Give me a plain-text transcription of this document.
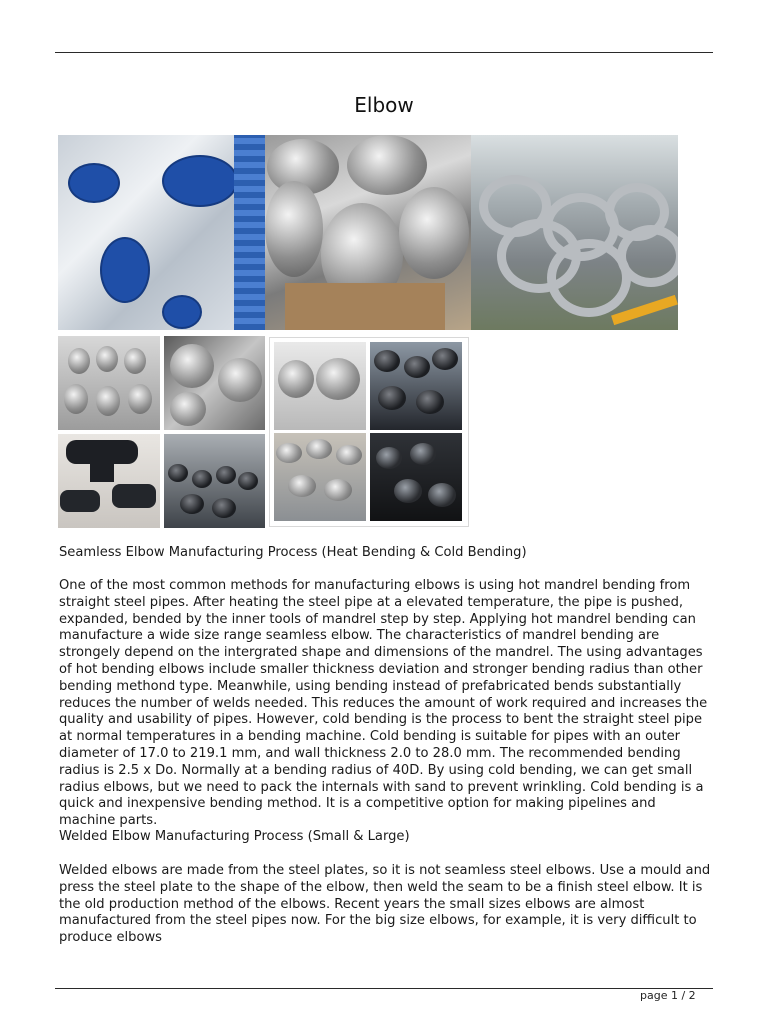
Elbow

Seamless Elbow Manufacturing Process (Heat Bending & Cold Bending)

One of the most common methods for manufacturing elbows is using hot mandrel bending from straight steel pipes. After heating the steel pipe at a elevated temperature, the pipe is pushed, expanded, bended by the inner tools of mandrel step by step. Applying hot mandrel bending can manufacture a wide size range seamless elbow. The characteristics of mandrel bending are strongely depend on the intergrated shape and dimensions of the mandrel. The using advantages of hot bending elbows include smaller thickness deviation and stronger bending radius than other bending methond type. Meanwhile, using bending instead of prefabricated bends substantially reduces the number of welds needed. This reduces the amount of work required and increases the quality and usability of pipes. However, cold bending is the process to bent the straight steel pipe at normal temperatures in a bending machine. Cold bending is suitable for pipes with an outer diameter of 17.0 to 219.1 mm, and wall thickness 2.0 to 28.0 mm. The recommended bending radius is 2.5 x Do. Normally at a bending radius of 40D. By using cold bending, we can get small radius elbows, but we need to pack the internals with sand to prevent wrinkling. Cold bending is a quick and inexpensive bending method. It is a competitive option for making pipelines and machine parts.

Welded Elbow Manufacturing Process (Small & Large)

Welded elbows are made from the steel plates, so it is not seamless steel elbows. Use a mould and press the steel plate to the shape of the elbow, then weld the seam to be a finish steel elbow. It is the old production method of the elbows. Recent years the small sizes elbows are almost manufactured from the steel pipes now. For the big size elbows, for example, it is very difficult to produce elbows

page 1 / 2
